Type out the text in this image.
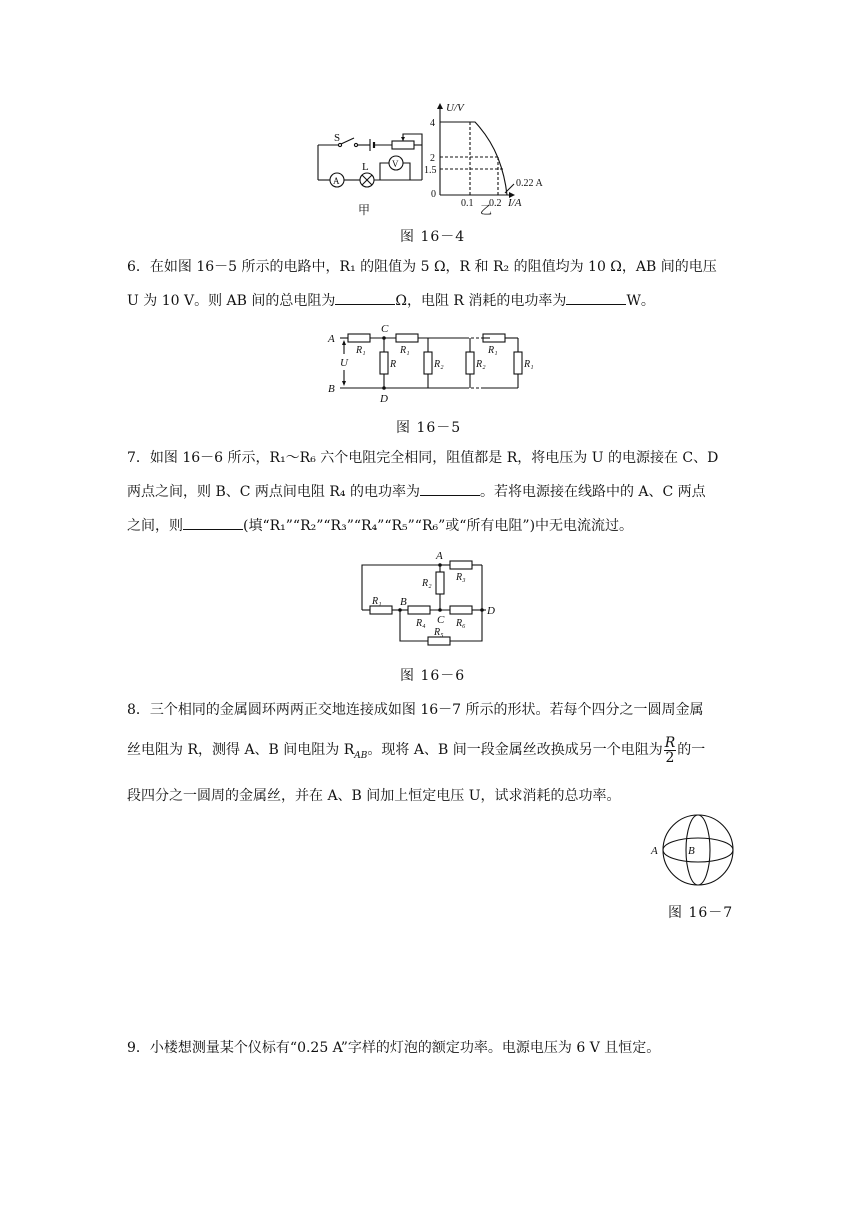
S
A
L	V
甲
U/V
4
2
1.5
0
0.1 0.2 I/A
0.22 A
乙
图 16－4

6．在如图 16－5 所示的电路中，R₁ 的阻值为 5 Ω，R 和 R₂ 的阻值均为 10 Ω，AB 间的电压

U 为 10 V。则 AB 间的总电阻为	Ω，电阻 R 消耗的电功率为	W。

A
B
C
D
U
R₁	R₁
R	R₂	R₂
R₁
R₁
图 16－5

7．如图 16－6 所示，R₁～R₆ 六个电阻完全相同，阻值都是 R，将电压为 U 的电源接在 C、D

两点之间，则 B、C 两点间电阻 R₄ 的电功率为	。若将电源接在线路中的 A、C 两点

之间，则	(填“R₁”“R₂”“R₃”“R₄”“R₅”“R₆”或“所有电阻”)中无电流流过。

A
B
C
D
R₁
R₂
R₃
R₄
R₅
R₆
图 16－6

8．三个相同的金属圆环两两正交地连接成如图 16－7 所示的形状。若每个四分之一圆周金属

丝电阻为 R，测得 A、B 间电阻为 $R_{AB}$。现将 A、B 间一段金属丝改换成另一个电阻为 $\frac{R}{2}$ 的一

段四分之一圆周的金属丝，并在 A、B 间加上恒定电压 U，试求消耗的总功率。

A	B
图 16－7
9．小楼想测量某个仪标有“0.25 A”字样的灯泡的额定功率。电源电压为 6 V 且恒定。
